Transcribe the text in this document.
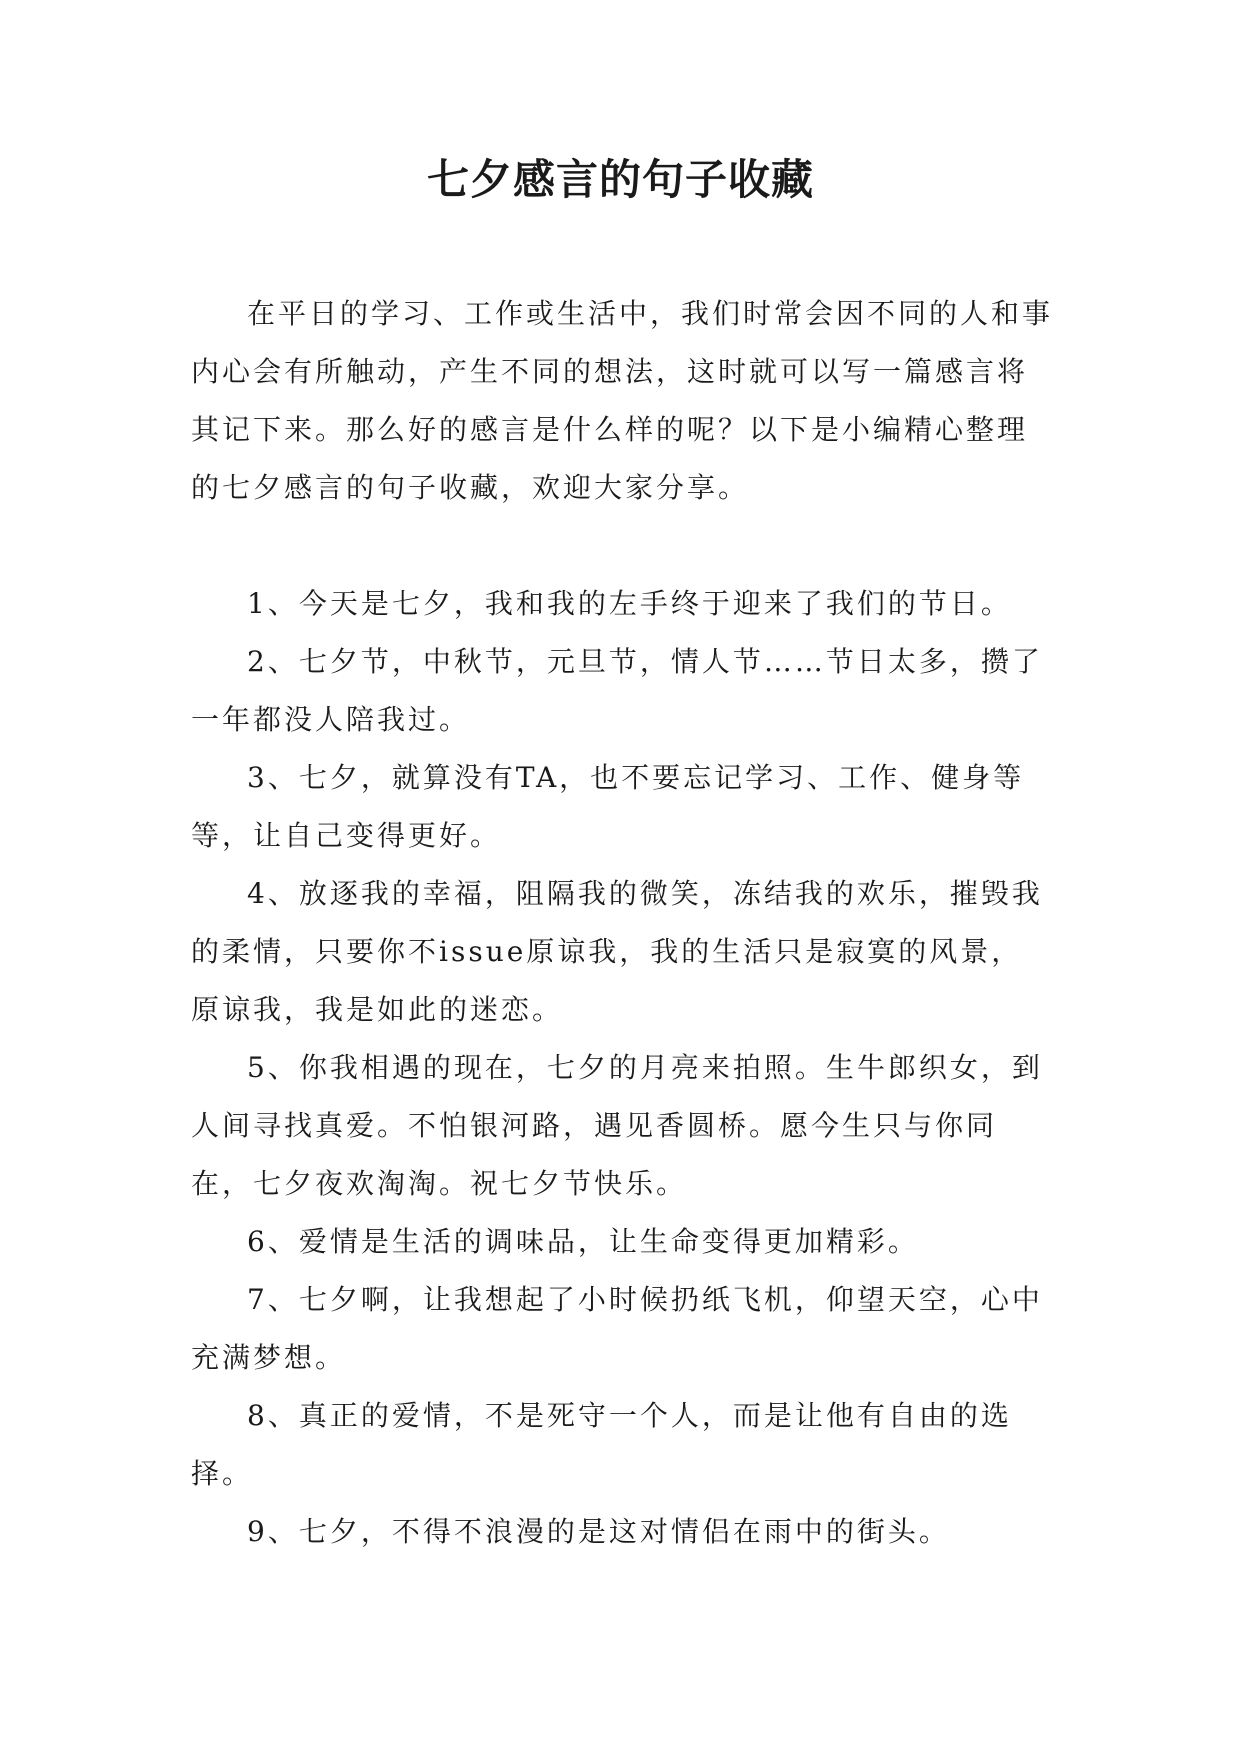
七夕感言的句子收藏

在平日的学习、工作或生活中，我们时常会因不同的人和事内心会有所触动，产生不同的想法，这时就可以写一篇感言将其记下来。那么好的感言是什么样的呢？以下是小编精心整理的七夕感言的句子收藏，欢迎大家分享。

1、今天是七夕，我和我的左手终于迎来了我们的节日。

2、七夕节，中秋节，元旦节，情人节……节日太多，攒了一年都没人陪我过。

3、七夕，就算没有TA，也不要忘记学习、工作、健身等等，让自己变得更好。

4、放逐我的幸福，阻隔我的微笑，冻结我的欢乐，摧毁我的柔情，只要你不issue原谅我，我的生活只是寂寞的风景，原谅我，我是如此的迷恋。

5、你我相遇的现在，七夕的月亮来拍照。生牛郎织女，到人间寻找真爱。不怕银河路，遇见香圆桥。愿今生只与你同在，七夕夜欢淘淘。祝七夕节快乐。

6、爱情是生活的调味品，让生命变得更加精彩。

7、七夕啊，让我想起了小时候扔纸飞机，仰望天空，心中充满梦想。

8、真正的爱情，不是死守一个人，而是让他有自由的选择。

9、七夕，不得不浪漫的是这对情侣在雨中的街头。
